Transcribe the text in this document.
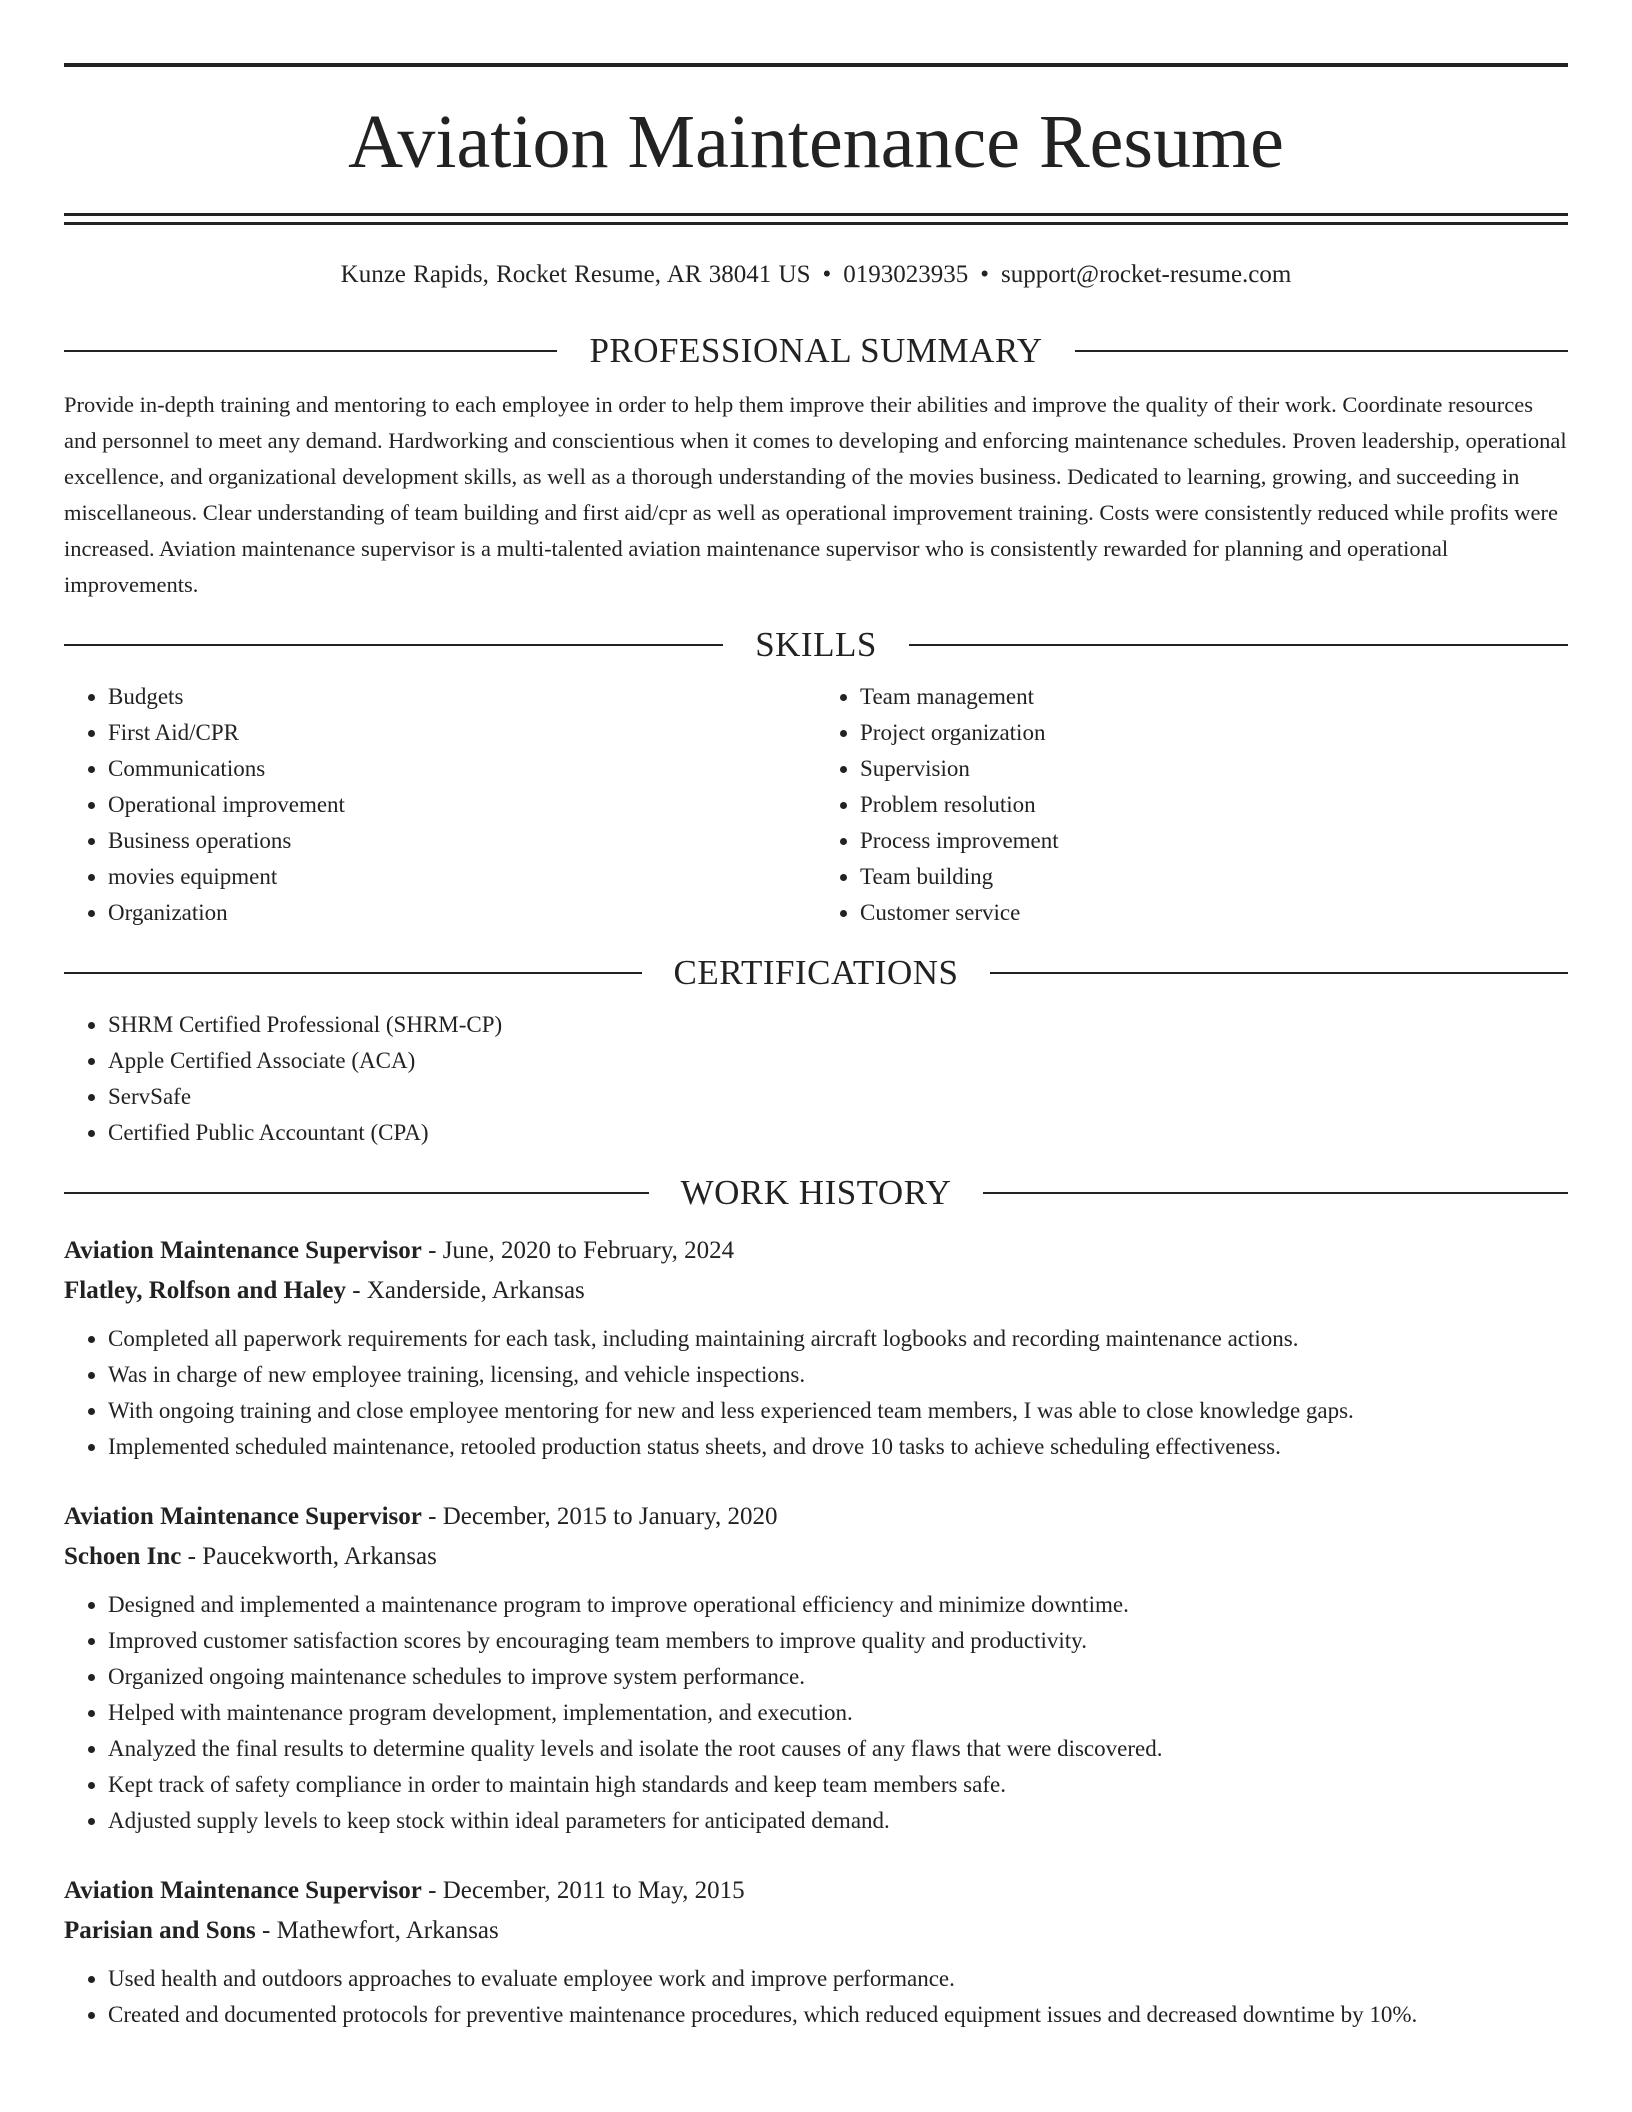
Aviation Maintenance Resume
Kunze Rapids, Rocket Resume, AR 38041 US • 0193023935 • support@rocket-resume.com
PROFESSIONAL SUMMARY
Provide in-depth training and mentoring to each employee in order to help them improve their abilities and improve the quality of their work. Coordinate resources and personnel to meet any demand. Hardworking and conscientious when it comes to developing and enforcing maintenance schedules. Proven leadership, operational excellence, and organizational development skills, as well as a thorough understanding of the movies business. Dedicated to learning, growing, and succeeding in miscellaneous. Clear understanding of team building and first aid/cpr as well as operational improvement training. Costs were consistently reduced while profits were increased. Aviation maintenance supervisor is a multi-talented aviation maintenance supervisor who is consistently rewarded for planning and operational improvements.
SKILLS
• Budgets
• First Aid/CPR
• Communications
• Operational improvement
• Business operations
• movies equipment
• Organization
• Team management
• Project organization
• Supervision
• Problem resolution
• Process improvement
• Team building
• Customer service
CERTIFICATIONS
• SHRM Certified Professional (SHRM-CP)
• Apple Certified Associate (ACA)
• ServSafe
• Certified Public Accountant (CPA)
WORK HISTORY
Aviation Maintenance Supervisor - June, 2020 to February, 2024
Flatley, Rolfson and Haley - Xanderside, Arkansas
• Completed all paperwork requirements for each task, including maintaining aircraft logbooks and recording maintenance actions.
• Was in charge of new employee training, licensing, and vehicle inspections.
• With ongoing training and close employee mentoring for new and less experienced team members, I was able to close knowledge gaps.
• Implemented scheduled maintenance, retooled production status sheets, and drove 10 tasks to achieve scheduling effectiveness.
Aviation Maintenance Supervisor - December, 2015 to January, 2020
Schoen Inc - Paucekworth, Arkansas
• Designed and implemented a maintenance program to improve operational efficiency and minimize downtime.
• Improved customer satisfaction scores by encouraging team members to improve quality and productivity.
• Organized ongoing maintenance schedules to improve system performance.
• Helped with maintenance program development, implementation, and execution.
• Analyzed the final results to determine quality levels and isolate the root causes of any flaws that were discovered.
• Kept track of safety compliance in order to maintain high standards and keep team members safe.
• Adjusted supply levels to keep stock within ideal parameters for anticipated demand.
Aviation Maintenance Supervisor - December, 2011 to May, 2015
Parisian and Sons - Mathewfort, Arkansas
• Used health and outdoors approaches to evaluate employee work and improve performance.
• Created and documented protocols for preventive maintenance procedures, which reduced equipment issues and decreased downtime by 10%.
